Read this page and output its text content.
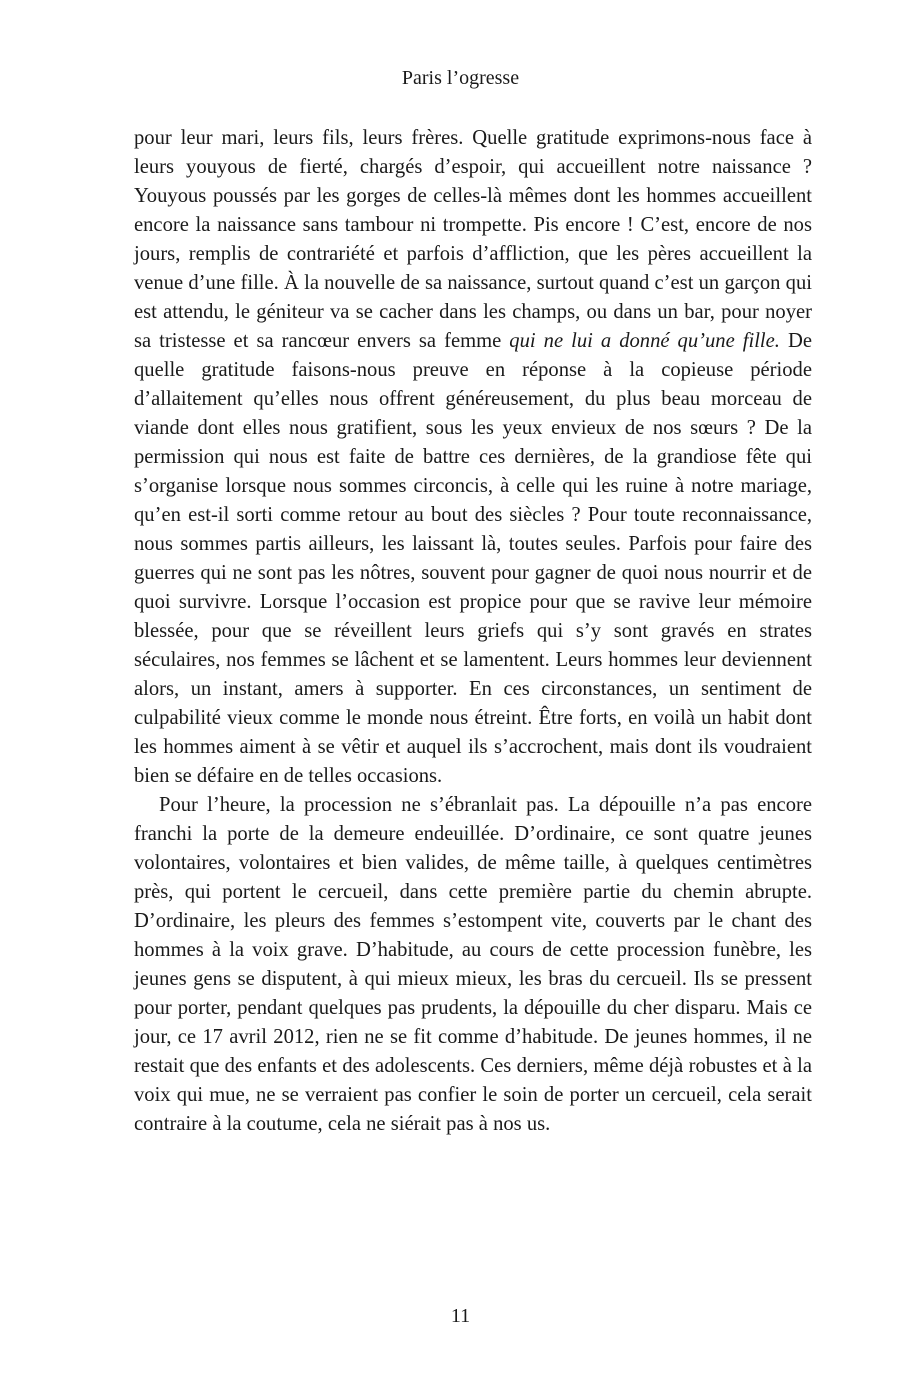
Paris l’ogresse

pour leur mari, leurs fils, leurs frères. Quelle gratitude exprimons-nous face à leurs youyous de fierté, chargés d’espoir, qui accueillent notre naissance ? Youyous poussés par les gorges de celles-là mêmes dont les hommes accueillent encore la naissance sans tambour ni trompette. Pis encore ! C’est, encore de nos jours, remplis de contrariété et parfois d’affliction, que les pères accueillent la venue d’une fille. À la nouvelle de sa naissance, surtout quand c’est un garçon qui est attendu, le géniteur va se cacher dans les champs, ou dans un bar, pour noyer sa tristesse et sa rancœur envers sa femme qui ne lui a donné qu’une fille. De quelle gratitude faisons-nous preuve en réponse à la copieuse période d’allaitement qu’elles nous offrent généreusement, du plus beau morceau de viande dont elles nous gratifient, sous les yeux envieux de nos sœurs ? De la permission qui nous est faite de battre ces dernières, de la grandiose fête qui s’organise lorsque nous sommes circoncis, à celle qui les ruine à notre mariage, qu’en est-il sorti comme retour au bout des siècles ? Pour toute reconnaissance, nous sommes partis ailleurs, les laissant là, toutes seules. Parfois pour faire des guerres qui ne sont pas les nôtres, souvent pour gagner de quoi nous nourrir et de quoi survivre. Lorsque l’occasion est propice pour que se ravive leur mémoire blessée, pour que se réveillent leurs griefs qui s’y sont gravés en strates séculaires, nos femmes se lâchent et se lamentent. Leurs hommes leur deviennent alors, un instant, amers à supporter. En ces circonstances, un sentiment de culpabilité vieux comme le monde nous étreint. Être forts, en voilà un habit dont les hommes aiment à se vêtir et auquel ils s’accrochent, mais dont ils voudraient bien se défaire en de telles occasions.

Pour l’heure, la procession ne s’ébranlait pas. La dépouille n’a pas encore franchi la porte de la demeure endeuillée. D’ordinaire, ce sont quatre jeunes volontaires, volontaires et bien valides, de même taille, à quelques centimètres près, qui portent le cercueil, dans cette première partie du chemin abrupte. D’ordinaire, les pleurs des femmes s’estompent vite, couverts par le chant des hommes à la voix grave. D’habitude, au cours de cette procession funèbre, les jeunes gens se disputent, à qui mieux mieux, les bras du cercueil. Ils se pressent pour porter, pendant quelques pas prudents, la dépouille du cher disparu. Mais ce jour, ce 17 avril 2012, rien ne se fit comme d’habitude. De jeunes hommes, il ne restait que des enfants et des adolescents. Ces derniers, même déjà robustes et à la voix qui mue, ne se verraient pas confier le soin de porter un cercueil, cela serait contraire à la coutume, cela ne siérait pas à nos us.

11
